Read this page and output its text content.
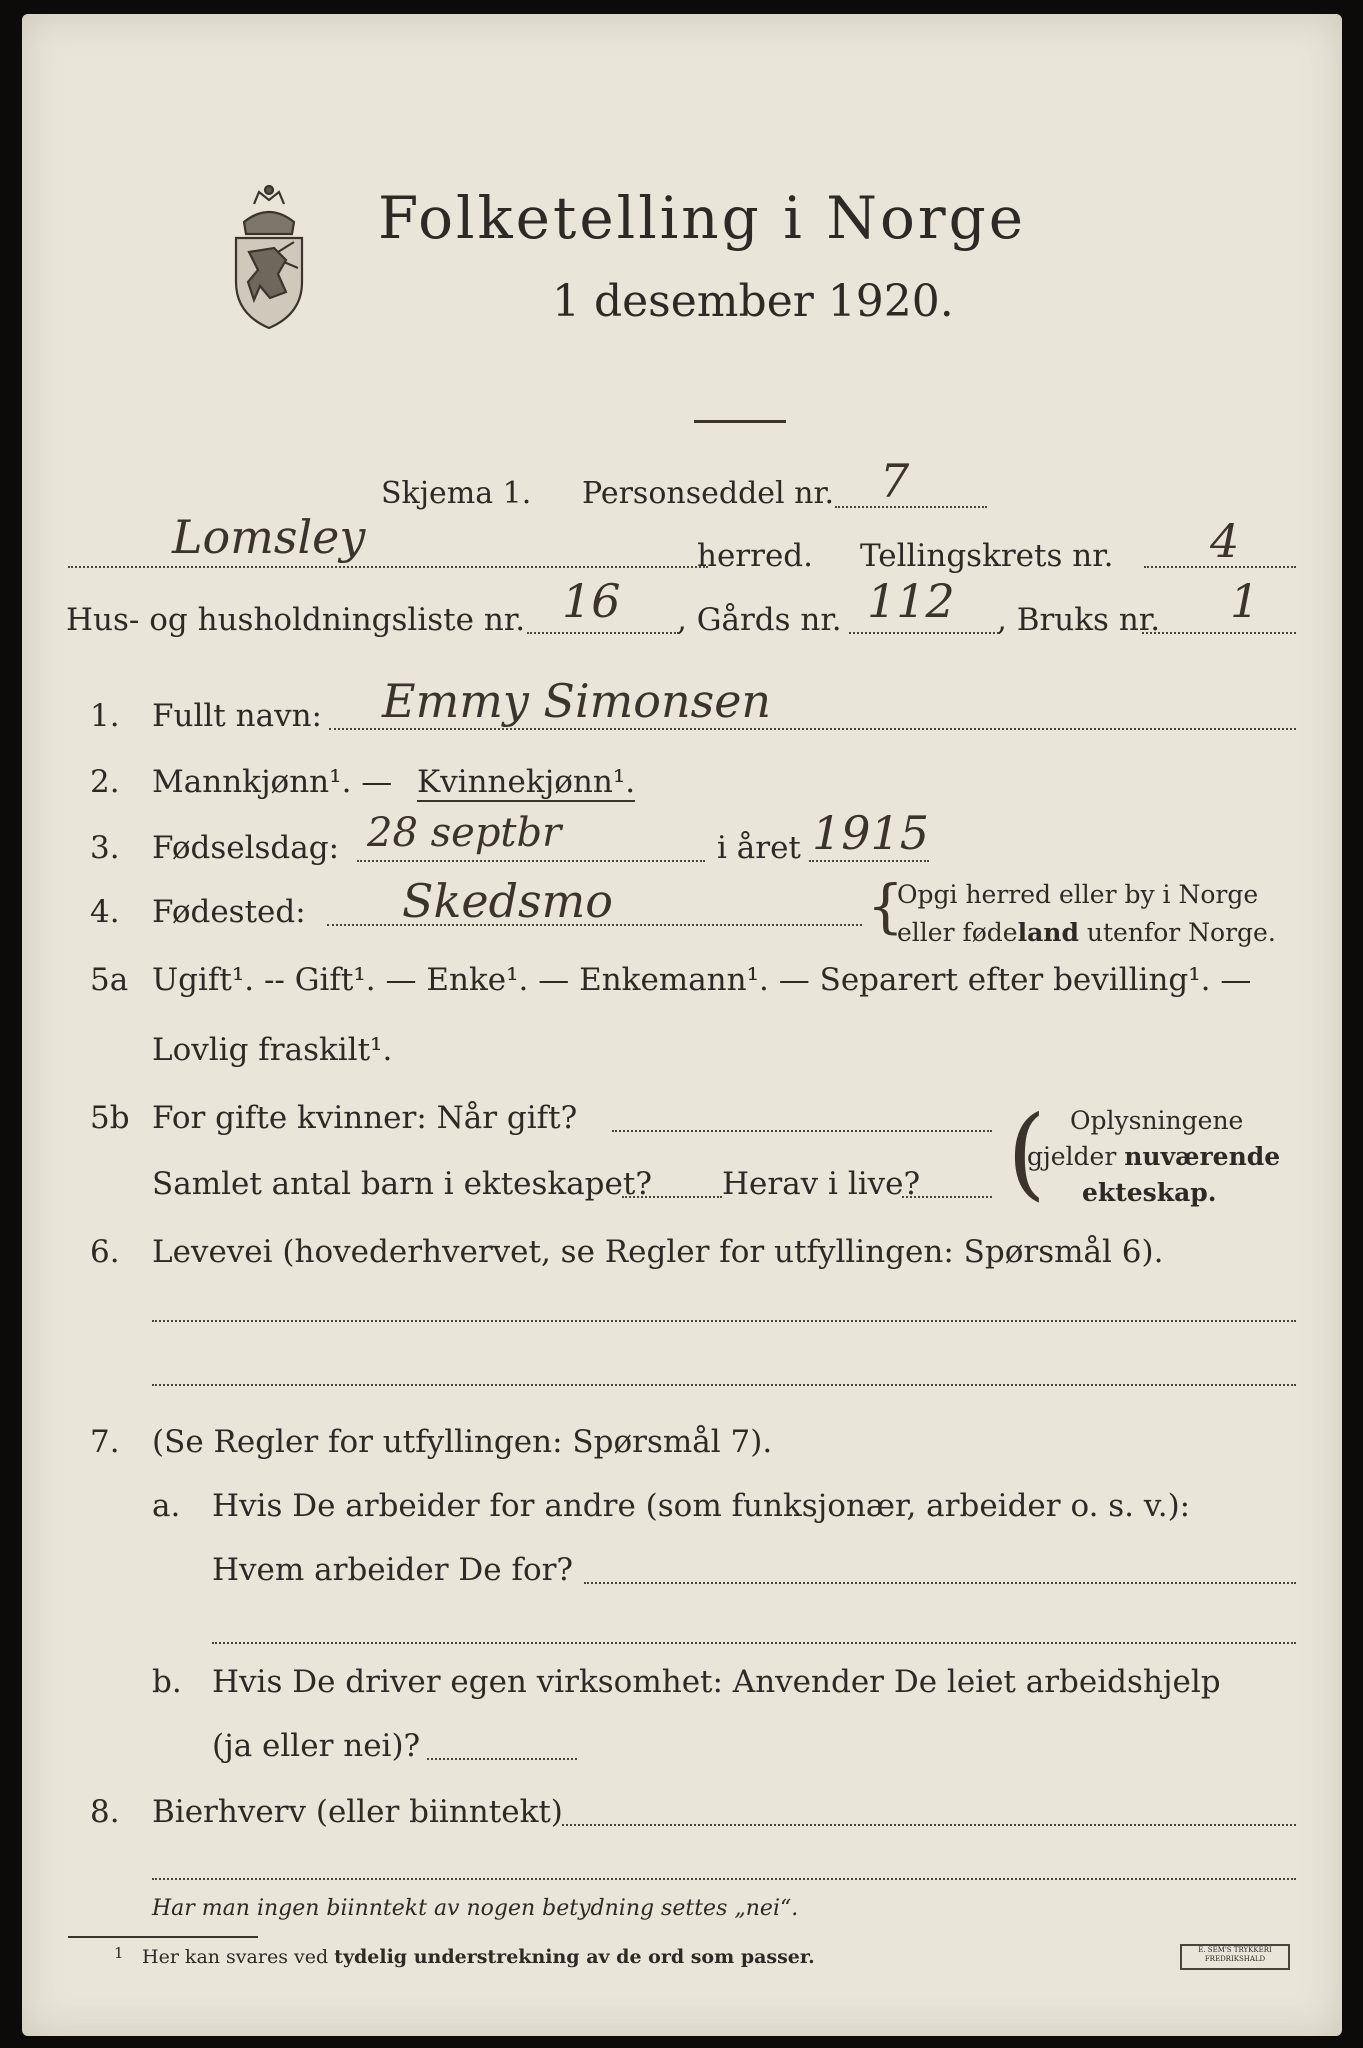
Folketelling i Norge
1 desember 1920.
Skjema 1. Personseddel nr. 7
Lomsley	herred. Tellingskrets nr. 4
Hus- og husholdningsliste nr. 16 , Gårds nr. 112 , Bruks nr. 1
1. Fullt navn: Emmy Simonsen
2. Mannkjønn¹. — Kvinnekjønn¹.
3. Fødselsdag: 28 septbr	i året 1915
4. Fødested: Skedsmo	{
Opgi herred eller by i Norge
eller fødeland utenfor Norge.
5a Ugift¹. -- Gift¹. — Enke¹. — Enkemann¹. — Separert efter bevilling¹. —
Lovlig fraskilt¹.
5b For gifte kvinner: Når gift?
Samlet antal barn i ekteskapet? Herav i live? ( Oplysningene
gjelder nuværende
ekteskap.
6. Levevei (hovederhvervet, se Regler for utfyllingen: Spørsmål 6).
7. (Se Regler for utfyllingen: Spørsmål 7).
a. Hvis De arbeider for andre (som funksjonær, arbeider o. s. v.):
Hvem arbeider De for?
b. Hvis De driver egen virksomhet: Anvender De leiet arbeidshjelp
(ja eller nei)?
8. Bierhverv (eller biinntekt)
Har man ingen biinntekt av nogen betydning settes „nei“.
1 Her kan svares ved tydelig understrekning av de ord som passer.	E. SEM'S TRYKKERI
FREDRIKSHALD
